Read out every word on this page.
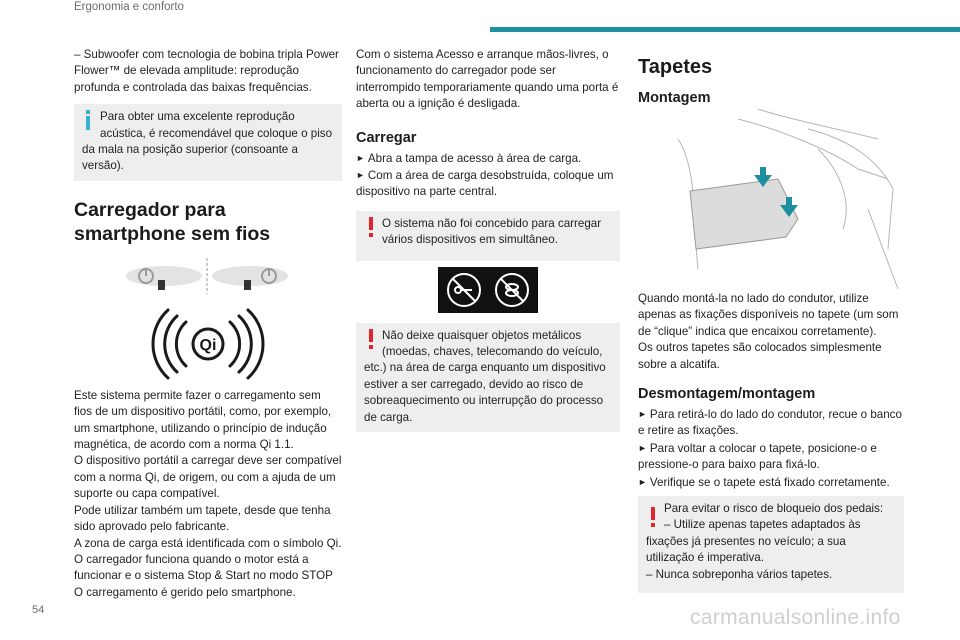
Ergonomia e conforto

– Subwoofer com tecnologia de bobina tripla Power Flower™ de elevada amplitude: reprodução profunda e controlada das baixas frequências.

Para obter uma excelente reprodução acústica, é recomendável que coloque o piso da mala na posição superior (consoante a versão).
Carregador para smartphone sem fios
Qi

Este sistema permite fazer o carregamento sem fios de um dispositivo portátil, como, por exemplo, um smartphone, utilizando o princípio de indução magnética, de acordo com a norma Qi 1.1.

O dispositivo portátil a carregar deve ser compatível com a norma Qi, de origem, ou com a ajuda de um suporte ou capa compatível.

Pode utilizar também um tapete, desde que tenha sido aprovado pelo fabricante.

A zona de carga está identificada com o símbolo Qi.

O carregador funciona quando o motor está a funcionar e o sistema Stop & Start no modo STOP

O carregamento é gerido pelo smartphone.

Com o sistema Acesso e arranque mãos-livres, o funcionamento do carregador pode ser interrompido temporariamente quando uma porta é aberta ou a ignição é desligada.

Carregar

► Abra a tampa de acesso à área de carga.

► Com a área de carga desobstruída, coloque um dispositivo na parte central.

O sistema não foi concebido para carregar vários dispositivos em simultâneo.
Não deixe quaisquer objetos metálicos (moedas, chaves, telecomando do veículo, etc.) na área de carga enquanto um dispositivo estiver a ser carregado, devido ao risco de sobreaquecimento ou interrupção do processo de carga.
Tapetes
Montagem

Quando montá-la no lado do condutor, utilize apenas as fixações disponíveis no tapete (um som de “clique” indica que encaixou corretamente).

Os outros tapetes são colocados simplesmente sobre a alcatifa.

Desmontagem/montagem

► Para retirá-lo do lado do condutor, recue o banco e retire as fixações.

► Para voltar a colocar o tapete, posicione-o e pressione-o para baixo para fixá-lo.

► Verifique se o tapete está fixado corretamente.

Para evitar o risco de bloqueio dos pedais:

– Utilize apenas tapetes adaptados às fixações já presentes no veículo; a sua utilização é imperativa.

– Nunca sobreponha vários tapetes.

54	carmanualsonline.info
